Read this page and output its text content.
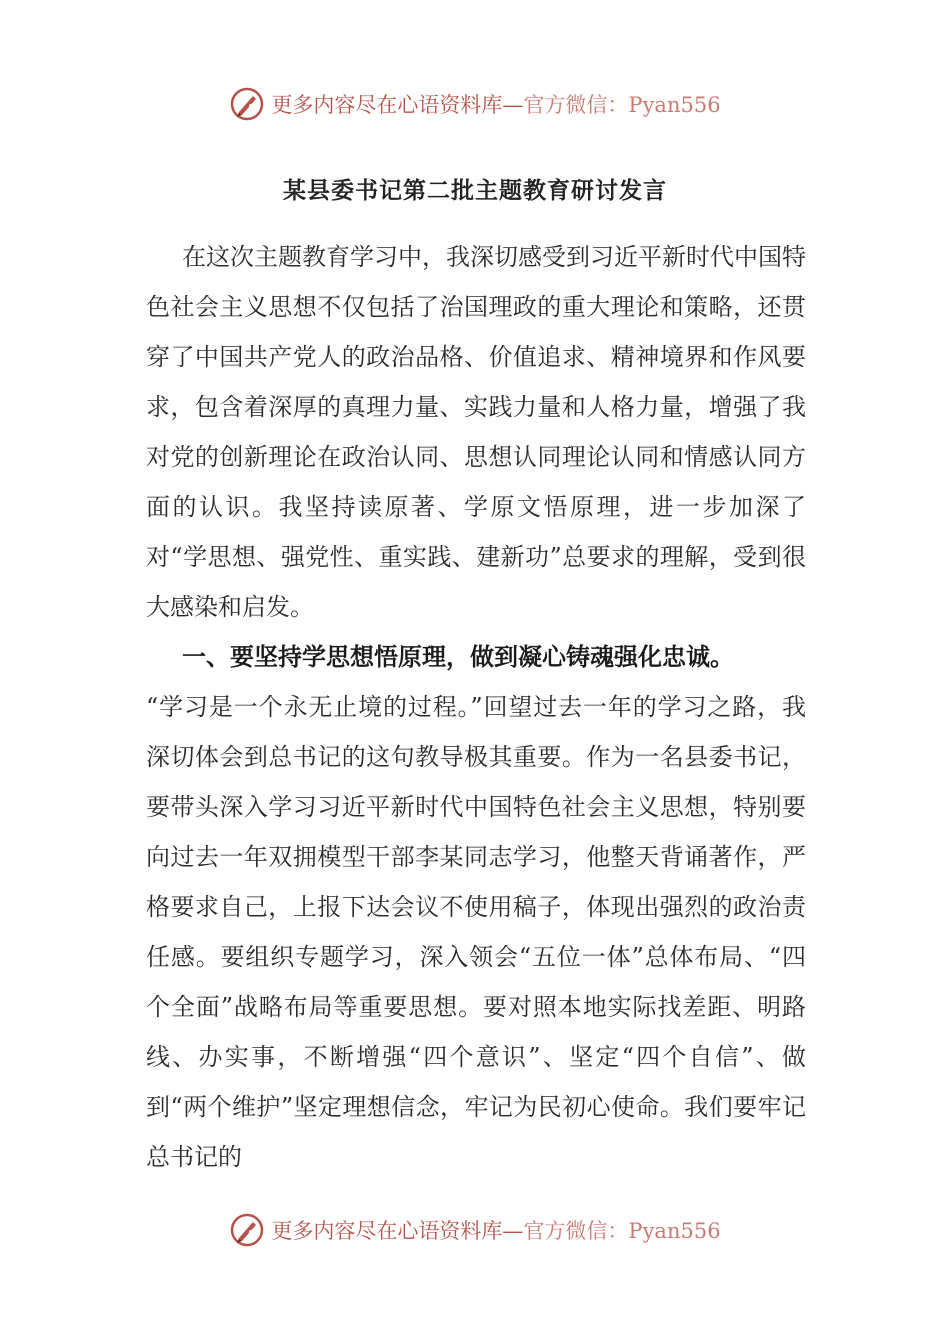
更多内容尽在心语资料库—官方微信：Pyan556
某县委书记第二批主题教育研讨发言

在这次主题教育学习中，我深切感受到习近平新时代中国特色社会主义思想不仅包括了治国理政的重大理论和策略，还贯穿了中国共产党人的政治品格、价值追求、精神境界和作风要求，包含着深厚的真理力量、实践力量和人格力量，增强了我对党的创新理论在政治认同、思想认同理论认同和情感认同方面的认识。我坚持读原著、学原文悟原理，进一步加深了对“学思想、强党性、重实践、建新功”总要求的理解，受到很大感染和启发。

一、要坚持学思想悟原理，做到凝心铸魂强化忠诚。

“学习是一个永无止境的过程。”回望过去一年的学习之路，我深切体会到总书记的这句教导极其重要。作为一名县委书记，要带头深入学习习近平新时代中国特色社会主义思想，特别要向过去一年双拥模型干部李某同志学习，他整天背诵著作，严格要求自己，上报下达会议不使用稿子，体现出强烈的政治责任感。要组织专题学习，深入领会“五位一体”总体布局、“四个全面”战略布局等重要思想。要对照本地实际找差距、明路线、办实事，不断增强“四个意识”、坚定“四个自信”、做到“两个维护”坚定理想信念，牢记为民初心使命。我们要牢记总书记的

更多内容尽在心语资料库—官方微信：Pyan556
